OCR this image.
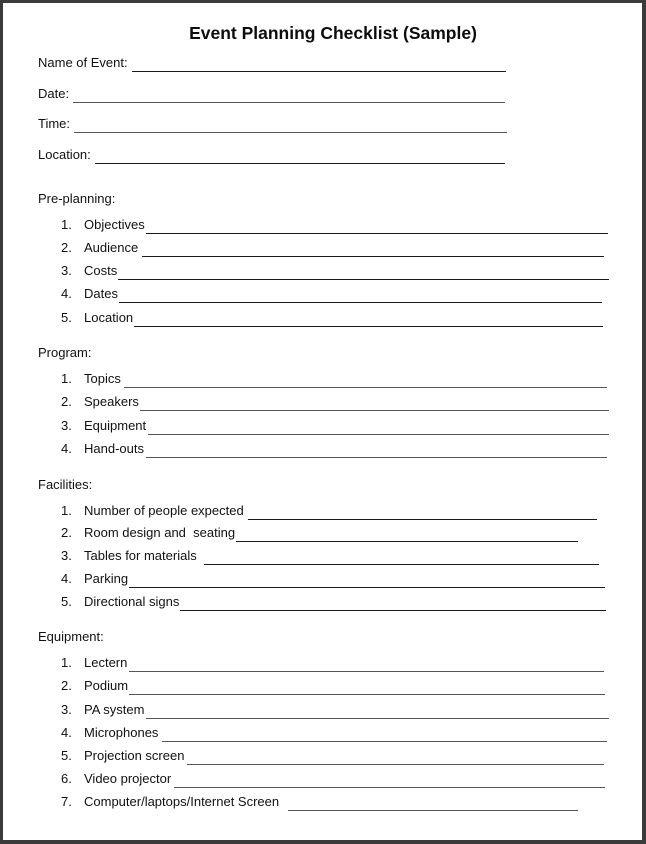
Event Planning Checklist (Sample)
Name of Event:
Date:
Time:
Location:
Pre-planning:
1. Objectives
2. Audience
3. Costs
4. Dates
5. Location
Program:
1. Topics
2. Speakers
3. Equipment
4. Hand-outs
Facilities:
1. Number of people expected
2. Room design and  seating
3. Tables for materials
4. Parking
5. Directional signs
Equipment:
1. Lectern
2. Podium
3. PA system
4. Microphones
5. Projection screen
6. Video projector
7. Computer/laptops/Internet Screen
